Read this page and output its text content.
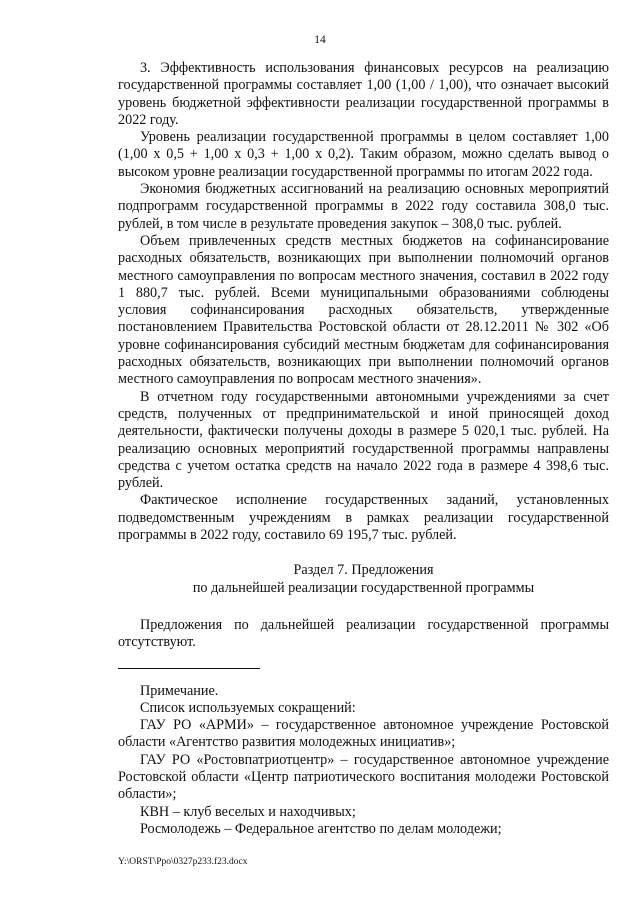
14

3. Эффективность использования финансовых ресурсов на реализацию государственной программы составляет 1,00 (1,00 / 1,00), что означает высокий уровень бюджетной эффективности реализации государственной программы в 2022 году.

Уровень реализации государственной программы в целом составляет 1,00 (1,00 х 0,5 + 1,00 х 0,3 + 1,00 х 0,2). Таким образом, можно сделать вывод о высоком уровне реализации государственной программы по итогам 2022 года.

Экономия бюджетных ассигнований на реализацию основных мероприятий подпрограмм государственной программы в 2022 году составила 308,0 тыс. рублей, в том числе в результате проведения закупок – 308,0 тыс. рублей.

Объем привлеченных средств местных бюджетов на софинансирование расходных обязательств, возникающих при выполнении полномочий органов местного самоуправления по вопросам местного значения, составил в 2022 году 1 880,7 тыс. рублей. Всеми муниципальными образованиями соблюдены условия софинансирования расходных обязательств, утвержденные постановлением Правительства Ростовской области от 28.12.2011 № 302 «Об уровне софинансирования субсидий местным бюджетам для софинансирования расходных обязательств, возникающих при выполнении полномочий органов местного самоуправления по вопросам местного значения».

В отчетном году государственными автономными учреждениями за счет средств, полученных от предпринимательской и иной приносящей доход деятельности, фактически получены доходы в размере 5 020,1 тыс. рублей. На реализацию основных мероприятий государственной программы направлены средства с учетом остатка средств на начало 2022 года в размере 4 398,6 тыс. рублей.

Фактическое исполнение государственных заданий, установленных подведомственным учреждениям в рамках реализации государственной программы в 2022 году, составило 69 195,7 тыс. рублей.

Раздел 7. Предложения
по дальнейшей реализации государственной программы

Предложения по дальнейшей реализации государственной программы отсутствуют.

Примечание.

Список используемых сокращений:

ГАУ РО «АРМИ» – государственное автономное учреждение Ростовской области «Агентство развития молодежных инициатив»;

ГАУ РО «Ростовпатриотцентр» – государственное автономное учреждение Ростовской области «Центр патриотического воспитания молодежи Ростовской области»;

КВН – клуб веселых и находчивых;

Росмолодежь – Федеральное агентство по делам молодежи;

Y:\ORST\Ppo\0327p233.f23.docx
